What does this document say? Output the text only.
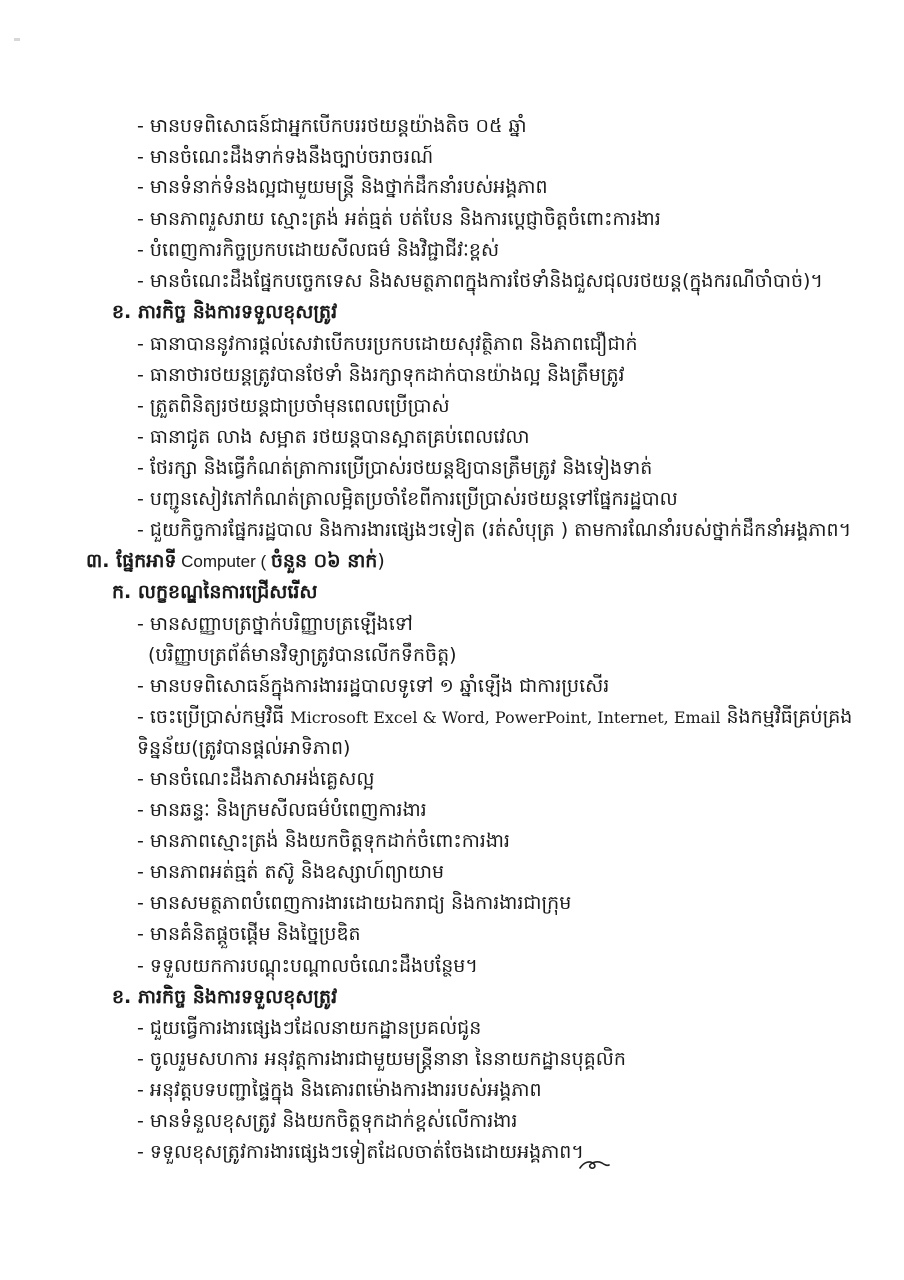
- មានបទពិសោធន៍ជាអ្នកបើកបររថយន្តយ៉ាងតិច ០៥ ឆ្នាំ
- មានចំណេះដឹងទាក់ទងនឹងច្បាប់ចរាចរណ៍
- មានទំនាក់ទំនងល្អជាមួយមន្ត្រី និងថ្នាក់ដឹកនាំរបស់អង្គភាព
- មានភាពរួសរាយ ស្មោះត្រង់ អត់ធ្មត់ បត់បែន និងការប្តេជ្ញាចិត្តចំពោះការងារ
- បំពេញការកិច្ចប្រកបដោយសីលធម៌ និងវិជ្ជាជីវៈខ្ពស់
- មានចំណេះដឹងផ្នែកបច្ចេកទេស និងសមត្ថភាពក្នុងការថែទាំនិងជួសជុលរថយន្ត(ក្នុងករណីចាំបាច់)។
ខ. ភារកិច្ច និងការទទួលខុសត្រូវ
- ធានាបាននូវការផ្តល់សេវាបើកបរប្រកបដោយសុវត្ថិភាព និងភាពជឿជាក់
- ធានាថារថយន្តត្រូវបានថែទាំ និងរក្សាទុកដាក់បានយ៉ាងល្អ និងត្រឹមត្រូវ
- ត្រួតពិនិត្យរថយន្តជាប្រចាំមុនពេលប្រើប្រាស់
- ធានាជូត លាង សម្អាត រថយន្តបានស្អាតគ្រប់ពេលវេលា
- ថែរក្សា និងធ្វើកំណត់ត្រាការប្រើប្រាស់រថយន្តឱ្យបានត្រឹមត្រូវ និងទៀងទាត់
- បញ្ជូនសៀវភៅកំណត់ត្រាលម្អិតប្រចាំខែពីការប្រើប្រាស់រថយន្តទៅផ្នែករដ្ឋបាល
- ជួយកិច្ចការផ្នែករដ្ឋបាល និងការងារផ្សេងៗទៀត (រត់សំបុត្រ ) តាមការណែនាំរបស់ថ្នាក់ដឹកនាំអង្គភាព។
៣. ផ្នែកអាទី Computer ( ចំនួន ០៦ នាក់)
ក. លក្ខខណ្ឌនៃការជ្រើសរើស
- មានសញ្ញាបត្រថ្នាក់បរិញ្ញាបត្រឡើងទៅ
(បរិញ្ញាបត្រព័ត៌មានវិទ្យាត្រូវបានលើកទឹកចិត្ត)
- មានបទពិសោធន៍ក្នុងការងាររដ្ឋបាលទូទៅ ១ ឆ្នាំឡើង ជាការប្រសើរ
- ចេះប្រើប្រាស់កម្មវិធី Microsoft Excel & Word, PowerPoint, Internet, Email និងកម្មវិធីគ្រប់គ្រង
ទិន្នន័យ(ត្រូវបានផ្តល់អាទិភាព)
- មានចំណេះដឹងភាសាអង់គ្លេសល្អ
- មានឆន្ទៈ និងក្រមសីលធម៌បំពេញការងារ
- មានភាពស្មោះត្រង់ និងយកចិត្តទុកដាក់ចំពោះការងារ
- មានភាពអត់ធ្មត់ តស៊ូ និងឧស្សាហ៍ព្យាយាម
- មានសមត្ថភាពបំពេញការងារដោយឯករាជ្យ និងការងារជាក្រុម
- មានគំនិតផ្តួចផ្តើម និងច្នៃប្រឌិត
- ទទួលយកការបណ្តុះបណ្តាលចំណេះដឹងបន្ថែម។
ខ. ភារកិច្ច និងការទទួលខុសត្រូវ
- ជួយធ្វើការងារផ្សេងៗដែលនាយកដ្ឋានប្រគល់ជូន
- ចូលរួមសហការ អនុវត្តការងារជាមួយមន្ត្រីនានា នៃនាយកដ្ឋានបុគ្គលិក
- អនុវត្តបទបញ្ជាផ្ទៃក្នុង និងគោរពម៉ោងការងាររបស់អង្គភាព
- មានទំនួលខុសត្រូវ និងយកចិត្តទុកដាក់ខ្ពស់លើការងារ
- ទទួលខុសត្រូវការងារផ្សេងៗទៀតដែលចាត់ចែងដោយអង្គភាព។
